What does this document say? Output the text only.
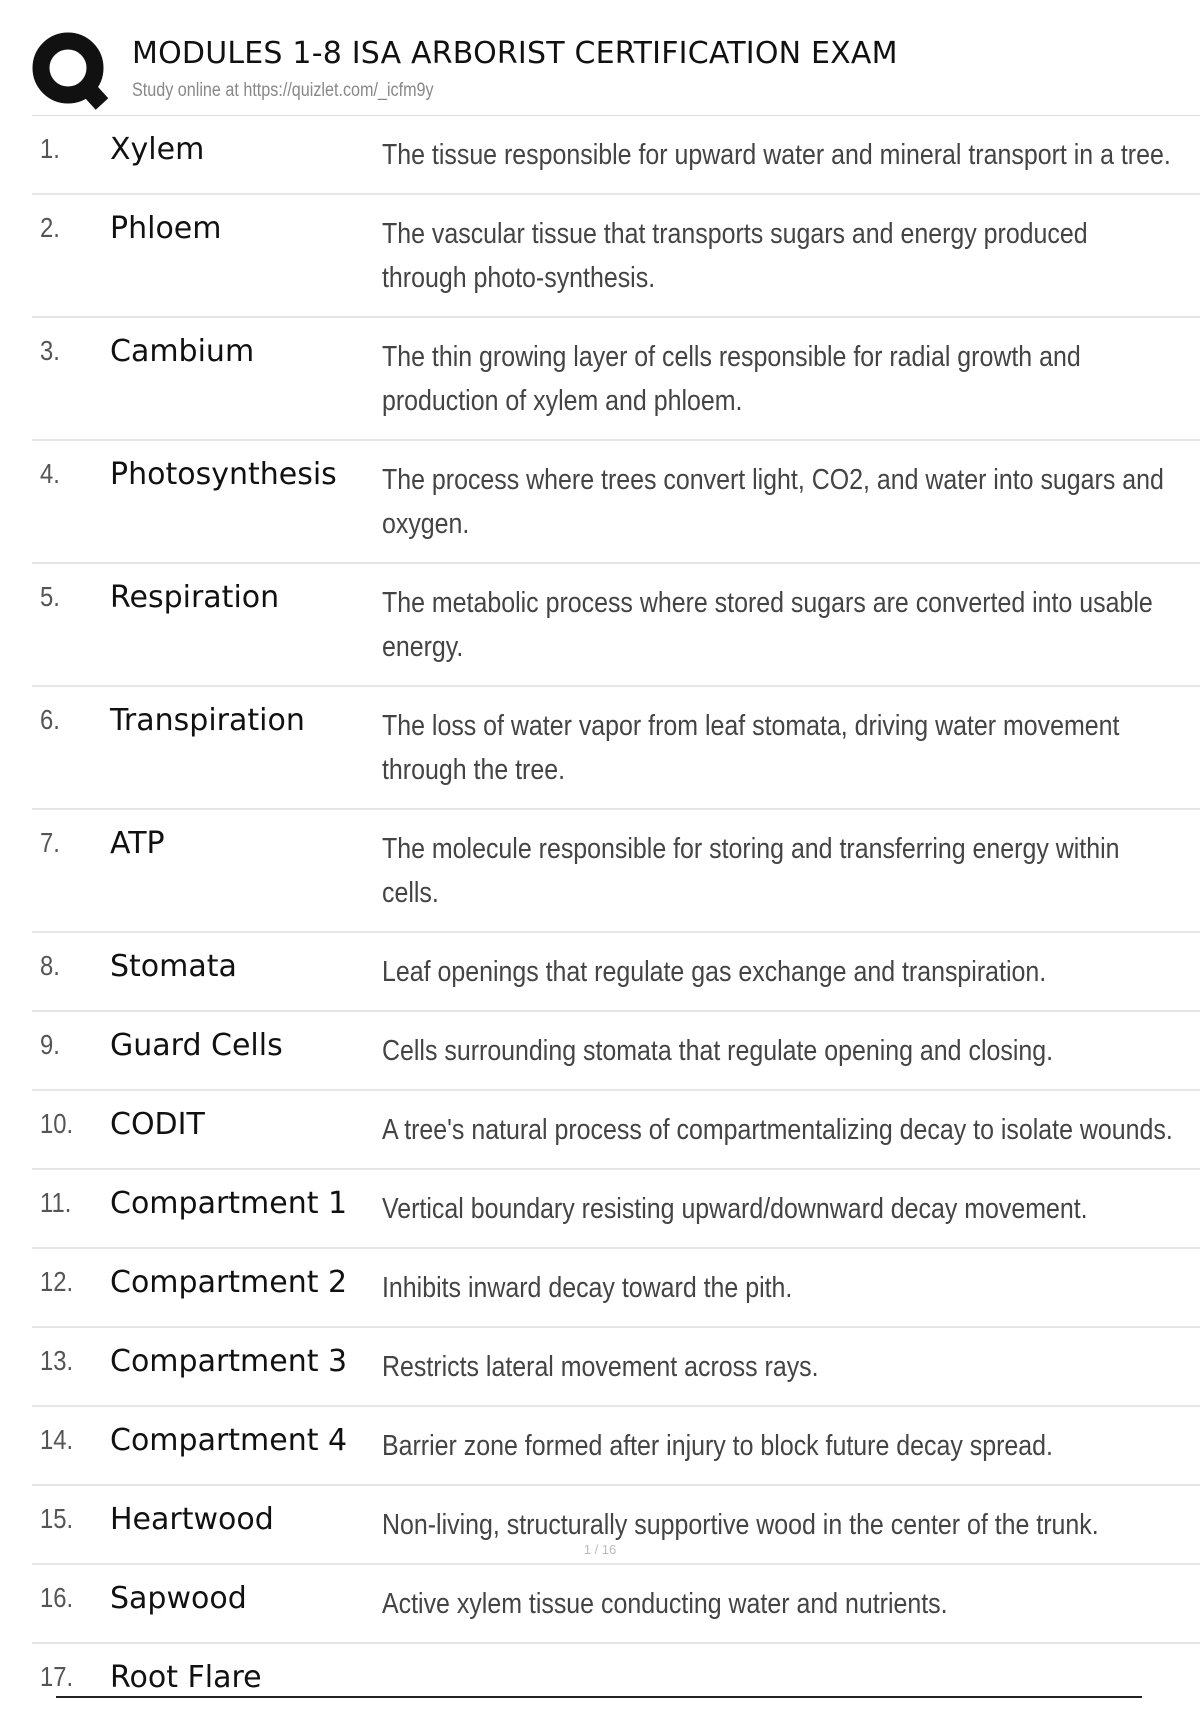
MODULES 1-8 ISA ARBORIST CERTIFICATION EXAM
Study online at https://quizlet.com/_icfm9y
1. Xylem	The tissue responsible for upward water and mineral transport in a tree.
2. Phloem	The vascular tissue that transports sugars and energy produced through photo-synthesis.
3. Cambium	The thin growing layer of cells responsible for radial growth and production of xylem and phloem.
4. Photosynthesis The process where trees convert light, CO2, and water into sugars and oxygen.
5. Respiration	The metabolic process where stored sugars are converted into usable energy.
6. Transpiration	The loss of water vapor from leaf stomata, driving water movement through the tree.
7. ATP	The molecule responsible for storing and transferring energy within cells.
8. Stomata	Leaf openings that regulate gas exchange and transpiration.
9. Guard Cells	Cells surrounding stomata that regulate opening and closing.
10. CODIT	A tree's natural process of compartmentalizing decay to isolate wounds.
11. Compartment 1 Vertical boundary resisting upward/downward decay movement.
12. Compartment 2 Inhibits inward decay toward the pith.
13. Compartment 3 Restricts lateral movement across rays.
14. Compartment 4 Barrier zone formed after injury to block future decay spread.
15. Heartwood	Non-living, structurally supportive wood in the center of the trunk.
16. Sapwood	Active xylem tissue conducting water and nutrients.
17. Root Flare
1 / 16
